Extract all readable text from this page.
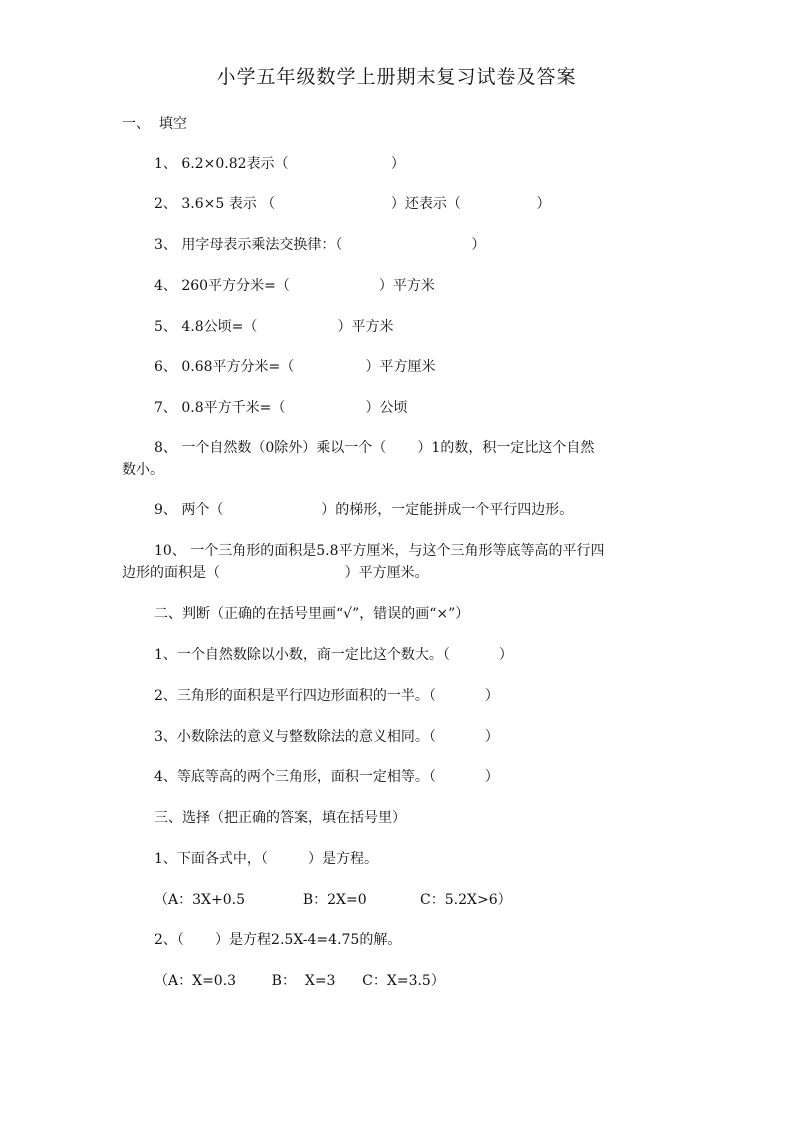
小学五年级数学上册期末复习试卷及答案
一、  填空
1、 6.2×0.82表示（                       ）
2、 3.6×5 表示 （                          ）还表示（                 ）
3、 用字母表示乘法交换律：（                             ）
4、 260平方分米=（                    ）平方米
5、 4.8公顷=（                  ）平方米
6、 0.68平方分米=（                ）平方厘米
7、 0.8平方千米=（                  ）公顷
8、 一个自然数（0除外）乘以一个（       ）1的数，积一定比这个自然
数小。
9、 两个（                      ）的梯形，一定能拼成一个平行四边形。
10、 一个三角形的面积是5.8平方厘米，与这个三角形等底等高的平行四
边形的面积是（                            ）平方厘米。
二、判断（正确的在括号里画“√”，错误的画“×”）
1、一个自然数除以小数，商一定比这个数大。（           ）
2、三角形的面积是平行四边形面积的一半。（           ）
3、小数除法的意义与整数除法的意义相同。（           ）
4、等底等高的两个三角形，面积一定相等。（           ）
三、选择（把正确的答案，填在括号里）
1、下面各式中，（         ）是方程。
（A：3X+0.5             B：2X=0            C：5.2X>6）
2、（       ）是方程2.5X-4=4.75的解。
（A：X=0.3        B：  X=3      C：X=3.5）
